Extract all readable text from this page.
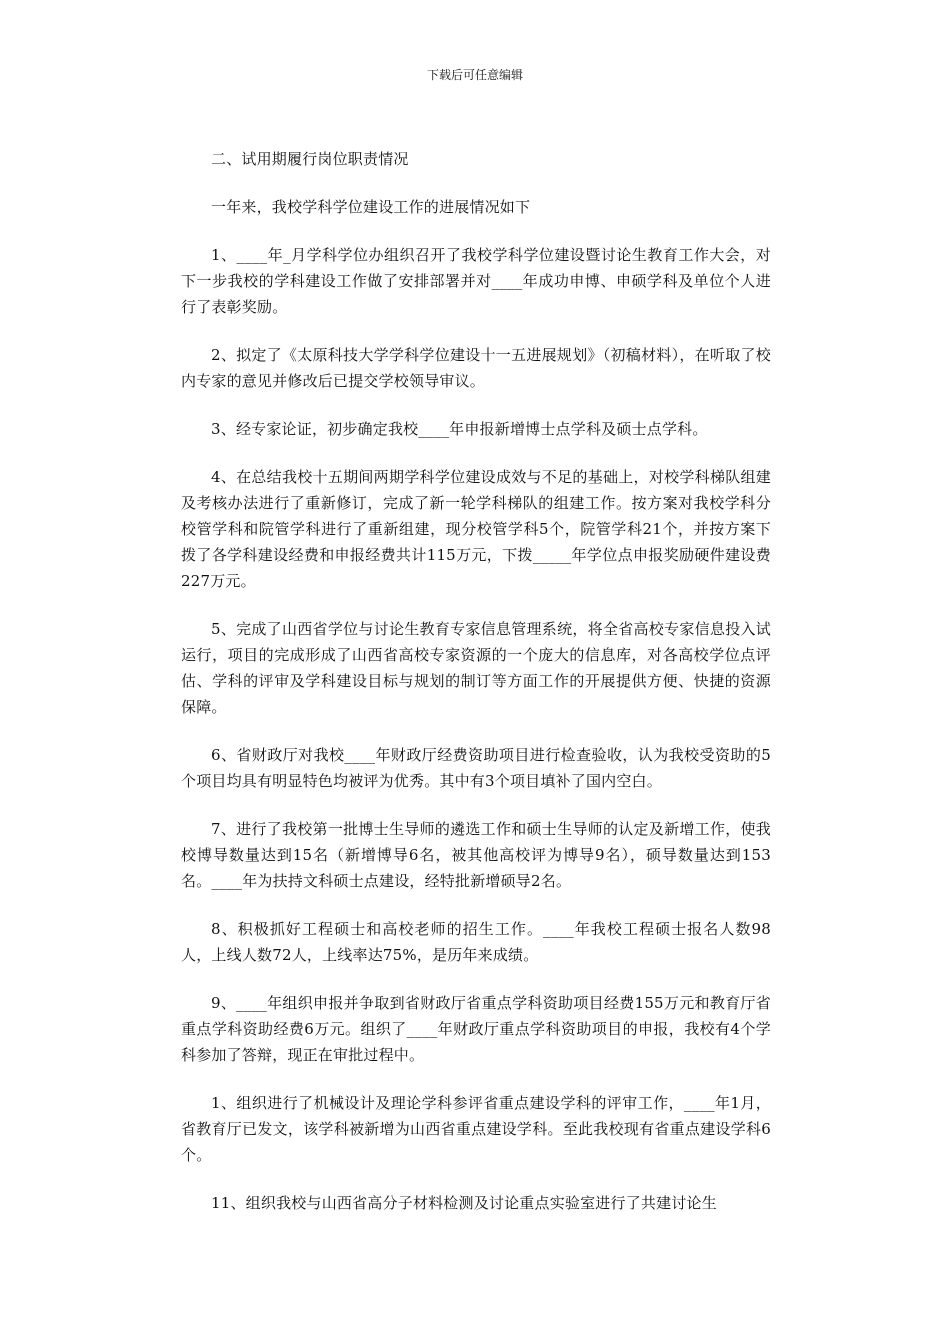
下载后可任意编辑

二、试用期履行岗位职责情况

一年来，我校学科学位建设工作的进展情况如下

1、____年_月学科学位办组织召开了我校学科学位建设暨讨论生教育工作大会，对下一步我校的学科建设工作做了安排部署并对____年成功申博、申硕学科及单位个人进行了表彰奖励。

2、拟定了《太原科技大学学科学位建设十一五进展规划》（初稿材料），在听取了校内专家的意见并修改后已提交学校领导审议。

3、经专家论证，初步确定我校____年申报新增博士点学科及硕士点学科。

4、在总结我校十五期间两期学科学位建设成效与不足的基础上，对校学科梯队组建及考核办法进行了重新修订，完成了新一轮学科梯队的组建工作。按方案对我校学科分校管学科和院管学科进行了重新组建，现分校管学科5个，院管学科21个，并按方案下拨了各学科建设经费和申报经费共计115万元，下拨_____年学位点申报奖励硬件建设费227万元。

5、完成了山西省学位与讨论生教育专家信息管理系统，将全省高校专家信息投入试运行，项目的完成形成了山西省高校专家资源的一个庞大的信息库，对各高校学位点评估、学科的评审及学科建设目标与规划的制订等方面工作的开展提供方便、快捷的资源保障。

6、省财政厅对我校____年财政厅经费资助项目进行检查验收，认为我校受资助的5个项目均具有明显特色均被评为优秀。其中有3个项目填补了国内空白。

7、进行了我校第一批博士生导师的遴选工作和硕士生导师的认定及新增工作，使我校博导数量达到15名（新增博导6名，被其他高校评为博导9名），硕导数量达到153名。____年为扶持文科硕士点建设，经特批新增硕导2名。

8、积极抓好工程硕士和高校老师的招生工作。____年我校工程硕士报名人数98人，上线人数72人，上线率达75%，是历年来成绩。

9、____年组织申报并争取到省财政厅省重点学科资助项目经费155万元和教育厅省重点学科资助经费6万元。组织了____年财政厅重点学科资助项目的申报，我校有4个学科参加了答辩，现正在审批过程中。

1、组织进行了机械设计及理论学科参评省重点建设学科的评审工作，____年1月，省教育厅已发文，该学科被新增为山西省重点建设学科。至此我校现有省重点建设学科6个。

11、组织我校与山西省高分子材料检测及讨论重点实验室进行了共建讨论生
